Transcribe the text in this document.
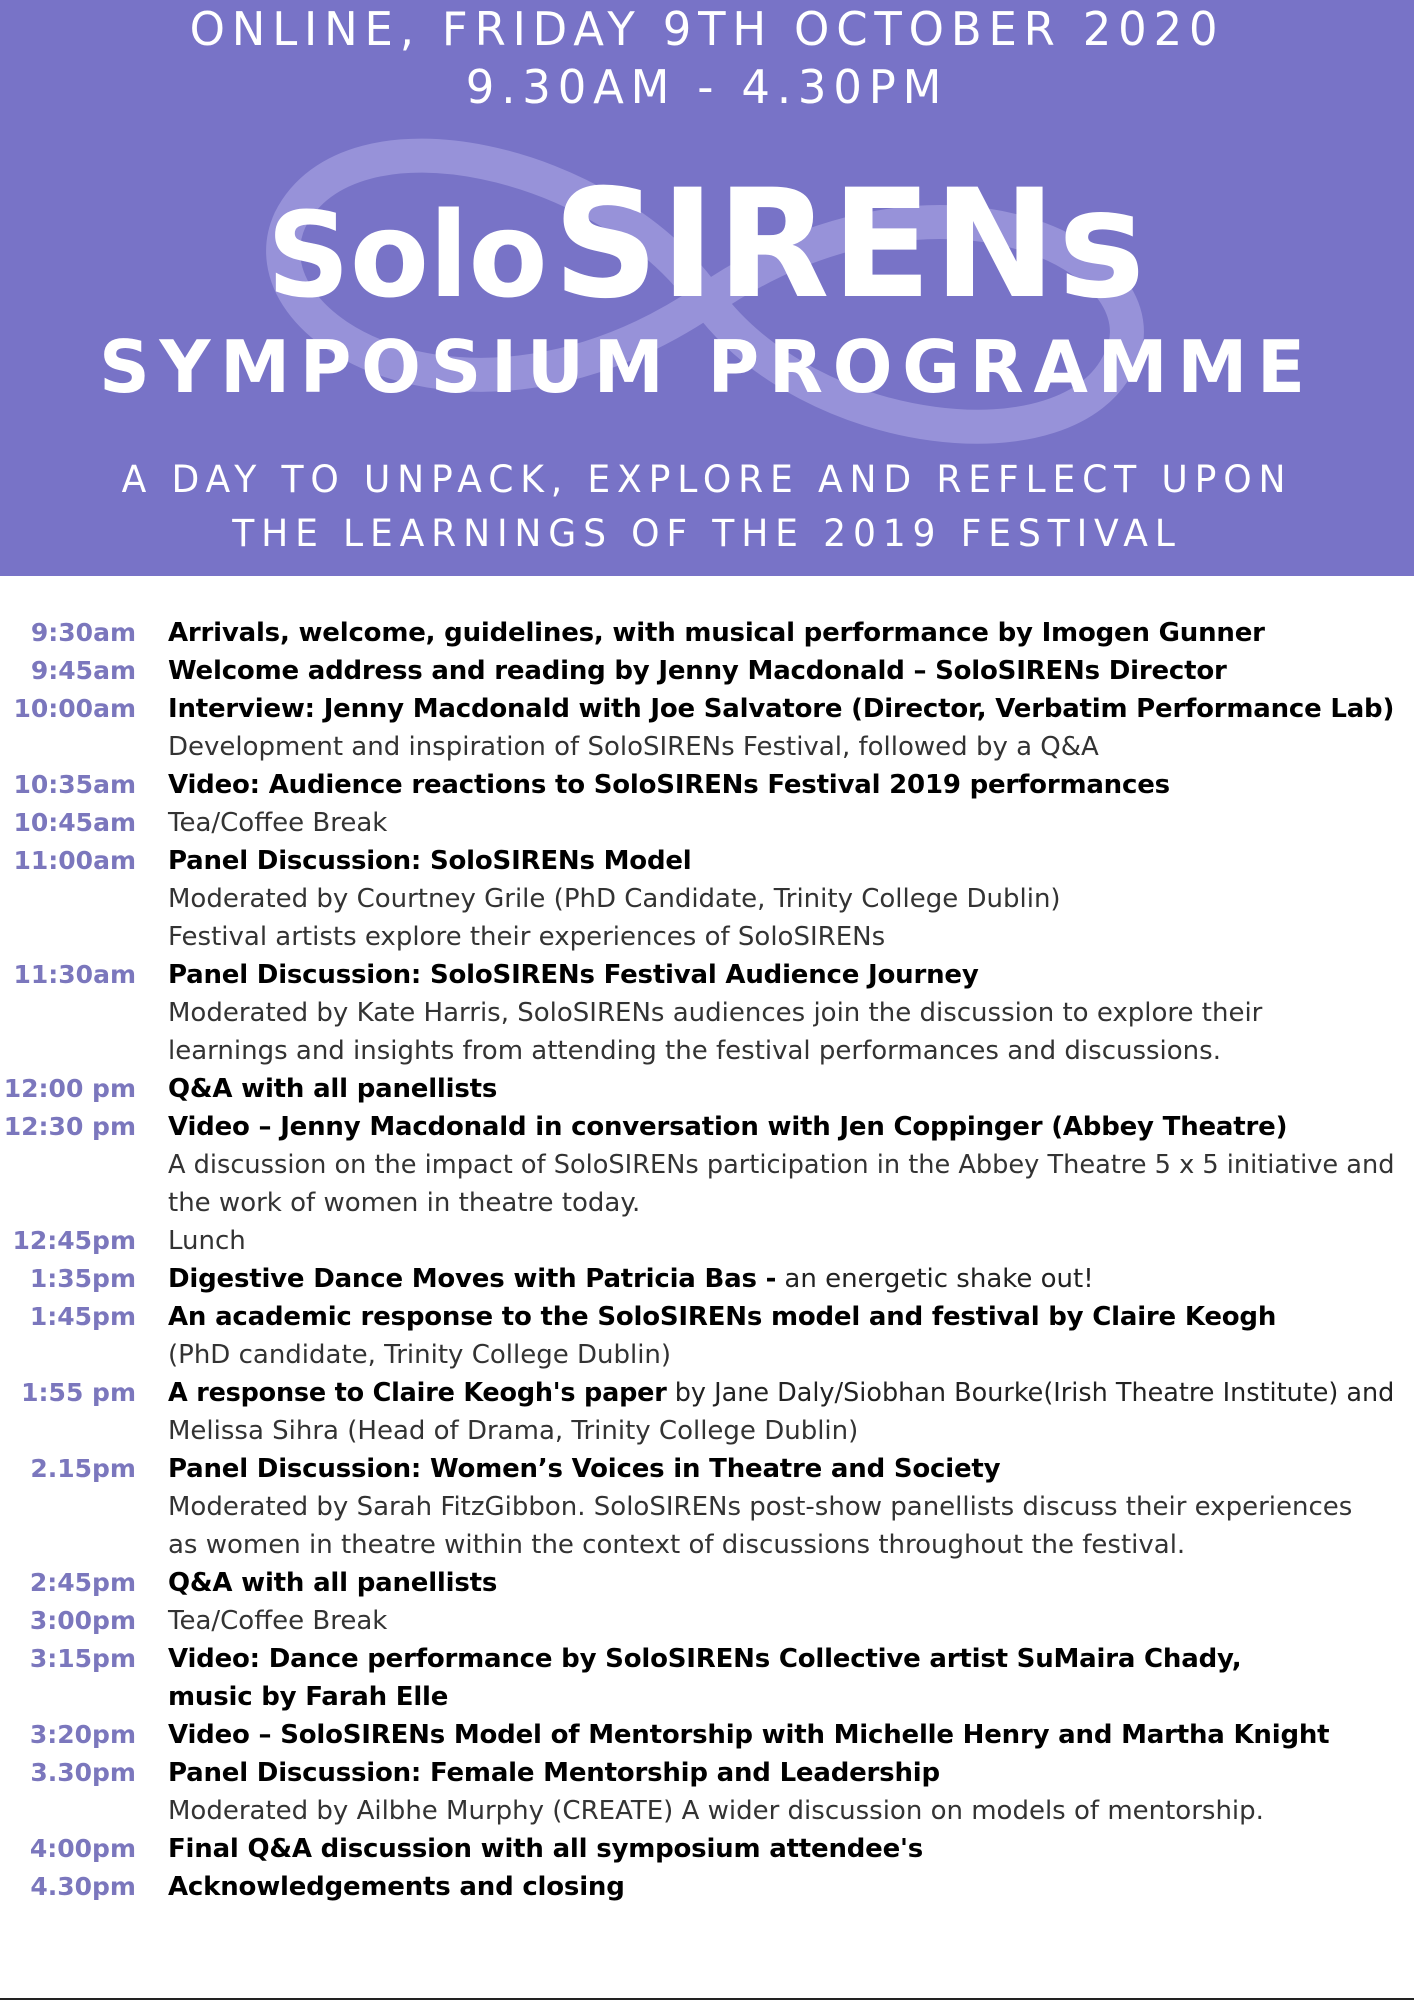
ONLINE, FRIDAY 9TH OCTOBER 2020
9.30AM - 4.30PM
Solo SIRENs
SYMPOSIUM PROGRAMME
A DAY TO UNPACK, EXPLORE AND REFLECT UPON
THE LEARNINGS OF THE 2019 FESTIVAL
9:30am Arrivals, welcome, guidelines, with musical performance by Imogen Gunner
9:45am Welcome address and reading by Jenny Macdonald – SoloSIRENs Director
10:00am Interview: Jenny Macdonald with Joe Salvatore (Director, Verbatim Performance Lab)
Development and inspiration of SoloSIRENs Festival, followed by a Q&A
10:35am Video: Audience reactions to SoloSIRENs Festival 2019 performances
10:45am Tea/Coffee Break
11:00am Panel Discussion: SoloSIRENs Model
Moderated by Courtney Grile (PhD Candidate, Trinity College Dublin)
Festival artists explore their experiences of SoloSIRENs
11:30am Panel Discussion: SoloSIRENs Festival Audience Journey
Moderated by Kate Harris, SoloSIRENs audiences join the discussion to explore their
learnings and insights from attending the festival performances and discussions.
12:00 pm Q&A with all panellists
12:30 pm Video – Jenny Macdonald in conversation with Jen Coppinger (Abbey Theatre)
A discussion on the impact of SoloSIRENs participation in the Abbey Theatre 5 x 5 initiative and
the work of women in theatre today.
12:45pm Lunch
1:35pm Digestive Dance Moves with Patricia Bas - an energetic shake out!
1:45pm An academic response to the SoloSIRENs model and festival by Claire Keogh
(PhD candidate, Trinity College Dublin)
1:55 pm A response to Claire Keogh's paper by Jane Daly/Siobhan Bourke(Irish Theatre Institute) and
Melissa Sihra (Head of Drama, Trinity College Dublin)
2.15pm Panel Discussion: Women’s Voices in Theatre and Society
Moderated by Sarah FitzGibbon. SoloSIRENs post-show panellists discuss their experiences
as women in theatre within the context of discussions throughout the festival.
2:45pm Q&A with all panellists
3:00pm Tea/Coffee Break
3:15pm Video: Dance performance by SoloSIRENs Collective artist SuMaira Chady,
music by Farah Elle
3:20pm Video – SoloSIRENs Model of Mentorship with Michelle Henry and Martha Knight
3.30pm Panel Discussion: Female Mentorship and Leadership
Moderated by Ailbhe Murphy (CREATE) A wider discussion on models of mentorship.
4:00pm Final Q&A discussion with all symposium attendee's
4.30pm Acknowledgements and closing
